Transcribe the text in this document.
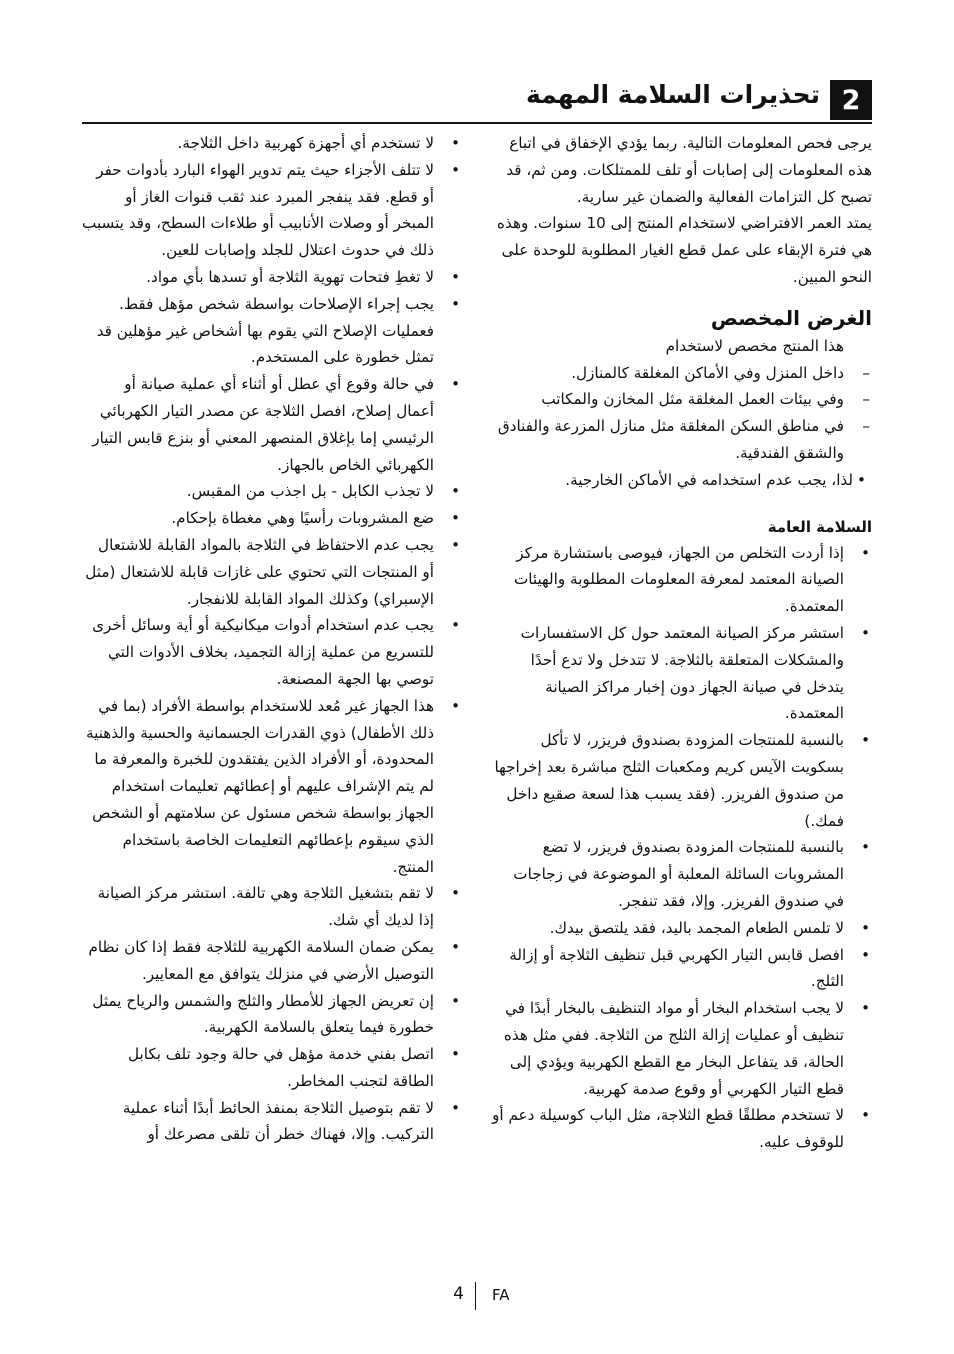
2
تحذيرات السلامة المهمة

يرجى فحص المعلومات التالية. ربما يؤدي الإخفاق في اتباع هذه المعلومات إلى إصابات أو تلف للممتلكات. ومن ثم، قد تصبح كل التزامات الفعالية والضمان غير سارية.

يمتد العمر الافتراضي لاستخدام المنتج إلى 10 سنوات. وهذه هي فترة الإبقاء على عمل قطع الغيار المطلوبة للوحدة على النحو المبين.

الغرض المخصص

هذا المنتج مخصص لاستخدام

– داخل المنزل وفي الأماكن المغلقة كالمنازل.
– وفي بيئات العمل المغلقة مثل المخازن والمكاتب
– في مناطق السكن المغلقة مثل منازل المزرعة والفنادق والشقق الفندقية.
• لذا، يجب عدم استخدامه في الأماكن الخارجية.

السلامة العامة

• إذا أردت التخلص من الجهاز، فيوصى باستشارة مركز الصيانة المعتمد لمعرفة المعلومات المطلوبة والهيئات المعتمدة.
• استشر مركز الصيانة المعتمد حول كل الاستفسارات والمشكلات المتعلقة بالثلاجة. لا تتدخل ولا تدع أحدًا يتدخل في صيانة الجهاز دون إخبار مراكز الصيانة المعتمدة.
• بالنسبة للمنتجات المزودة بصندوق فريزر، لا تأكل بسكويت الآيس كريم ومكعبات الثلج مباشرة بعد إخراجها من صندوق الفريزر. (فقد يسبب هذا لسعة صقيع داخل فمك.)
• بالنسبة للمنتجات المزودة بصندوق فريزر، لا تضع المشروبات السائلة المعلبة أو الموضوعة في زجاجات في صندوق الفريزر. وإلا، فقد تنفجر.
• لا تلمس الطعام المجمد باليد، فقد يلتصق بيدك.
• افصل قابس التيار الكهربي قبل تنظيف الثلاجة أو إزالة الثلج.
• لا يجب استخدام البخار أو مواد التنظيف بالبخار أبدًا في تنظيف أو عمليات إزالة الثلج من الثلاجة. ففي مثل هذه الحالة، قد يتفاعل البخار مع القطع الكهربية ويؤدي إلى قطع التيار الكهربي أو وقوع صدمة كهربية.
• لا تستخدم مطلقًا قطع الثلاجة، مثل الباب كوسيلة دعم أو للوقوف عليه.
• لا تستخدم أي أجهزة كهربية داخل الثلاجة.
• لا تتلف الأجزاء حيث يتم تدوير الهواء البارد بأدوات حفر أو قطع. فقد ينفجر المبرد عند ثقب قنوات الغاز أو المبخر أو وصلات الأنابيب أو طلاءات السطح، وقد يتسبب ذلك في حدوث اعتلال للجلد وإصابات للعين.
• لا تغطِ فتحات تهوية الثلاجة أو تسدها بأي مواد.
• يجب إجراء الإصلاحات بواسطة شخص مؤهل فقط. فعمليات الإصلاح التي يقوم بها أشخاص غير مؤهلين قد تمثل خطورة على المستخدم.
• في حالة وقوع أي عطل أو أثناء أي عملية صيانة أو أعمال إصلاح، افصل الثلاجة عن مصدر التيار الكهربائي الرئيسي إما بإغلاق المنصهر المعني أو بنزع قابس التيار الكهربائي الخاص بالجهاز.
• لا تجذب الكابل - بل اجذب من المقبس.
• ضع المشروبات رأسيًا وهي مغطاة بإحكام.
• يجب عدم الاحتفاظ في الثلاجة بالمواد القابلة للاشتعال أو المنتجات التي تحتوي على غازات قابلة للاشتعال (مثل الإسبراي) وكذلك المواد القابلة للانفجار.
• يجب عدم استخدام أدوات ميكانيكية أو أية وسائل أخرى للتسريع من عملية إزالة التجميد، بخلاف الأدوات التي توصي بها الجهة المصنعة.
• هذا الجهاز غير مُعد للاستخدام بواسطة الأفراد (بما في ذلك الأطفال) ذوي القدرات الجسمانية والحسية والذهنية المحدودة، أو الأفراد الذين يفتقدون للخبرة والمعرفة ما لم يتم الإشراف عليهم أو إعطائهم تعليمات استخدام الجهاز بواسطة شخص مسئول عن سلامتهم أو الشخص الذي سيقوم بإعطائهم التعليمات الخاصة باستخدام المنتج.
• لا تقم بتشغيل الثلاجة وهي تالفة. استشر مركز الصيانة إذا لديك أي شك.
• يمكن ضمان السلامة الكهربية للثلاجة فقط إذا كان نظام التوصيل الأرضي في منزلك يتوافق مع المعايير.
• إن تعريض الجهاز للأمطار والثلج والشمس والرياح يمثل خطورة فيما يتعلق بالسلامة الكهربية.
• اتصل بفني خدمة مؤهل في حالة وجود تلف بكابل الطاقة لتجنب المخاطر.
• لا تقم بتوصيل الثلاجة بمنفذ الحائط أبدًا أثناء عملية التركيب. وإلا، فهناك خطر أن تلقى مصرعك أو
4 FA
